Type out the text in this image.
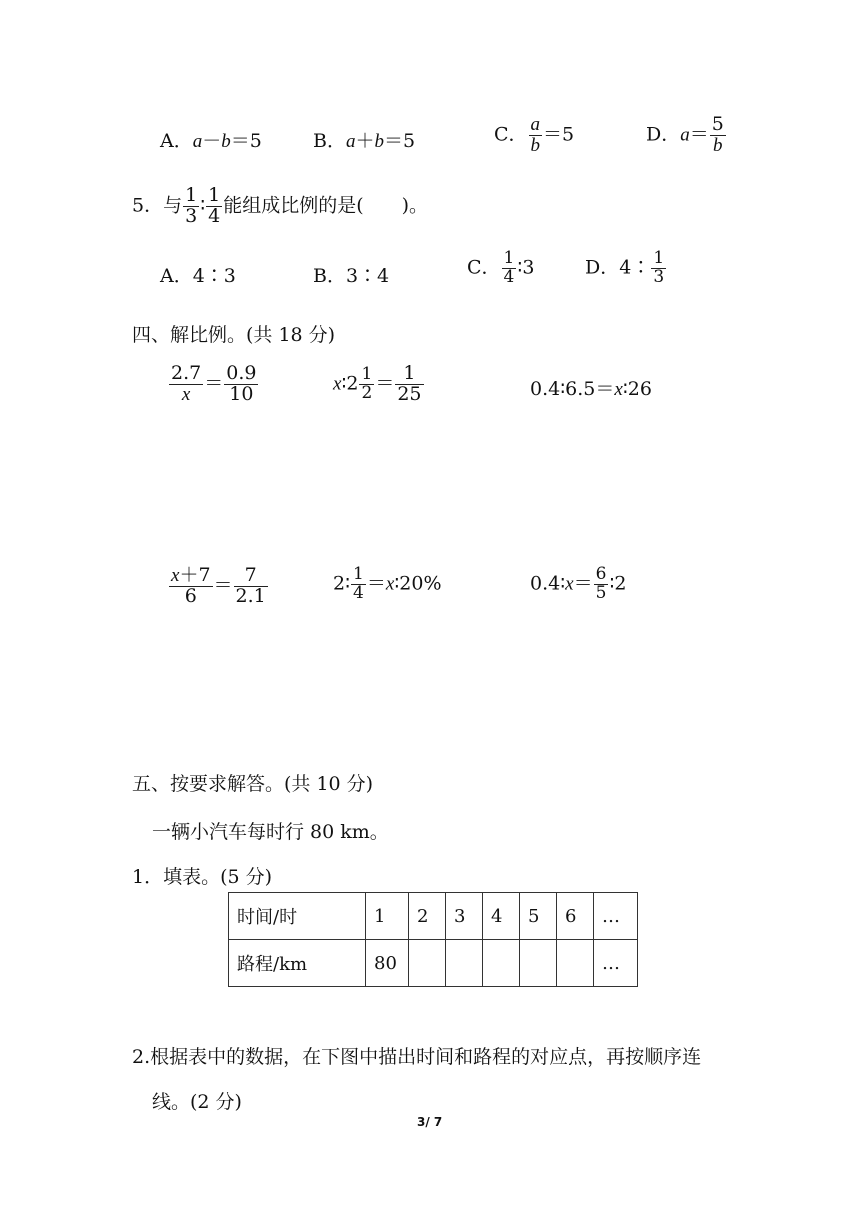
A．a－b＝5	B．a＋b＝5	C． $\frac{a}{b} =5$	D．$a= \frac{5}{b}$
5．与 $\frac{1}{3}$ ∶ $\frac{1}{4}$ 能组成比例的是(　　)。
A．4∶3	B．3∶4	C． $\frac{1}{4}$ ∶3	D．4∶ $\frac{1}{3}$
四、解比例。(共 18 分)
$\frac{2.7}{x} = \frac{0.9}{10}$	x∶2 $\frac{1}{2} = \frac{1}{25}$	0.4∶6.5＝x∶26
$\frac{x+7}{6} = \frac{7}{2.1}$	2∶ $\frac{1}{4}$ ＝x∶20%	0.4∶x＝ $\frac{6}{5}$ ∶2
五、按要求解答。(共 10 分)
一辆小汽车每时行 80 km。
1．填表。(5 分)
时间/时	1	2	3	4	5	6	…
路程/km	80						…
2.根据表中的数据，在下图中描出时间和路程的对应点，再按顺序连
线。(2 分)
3/ 7
